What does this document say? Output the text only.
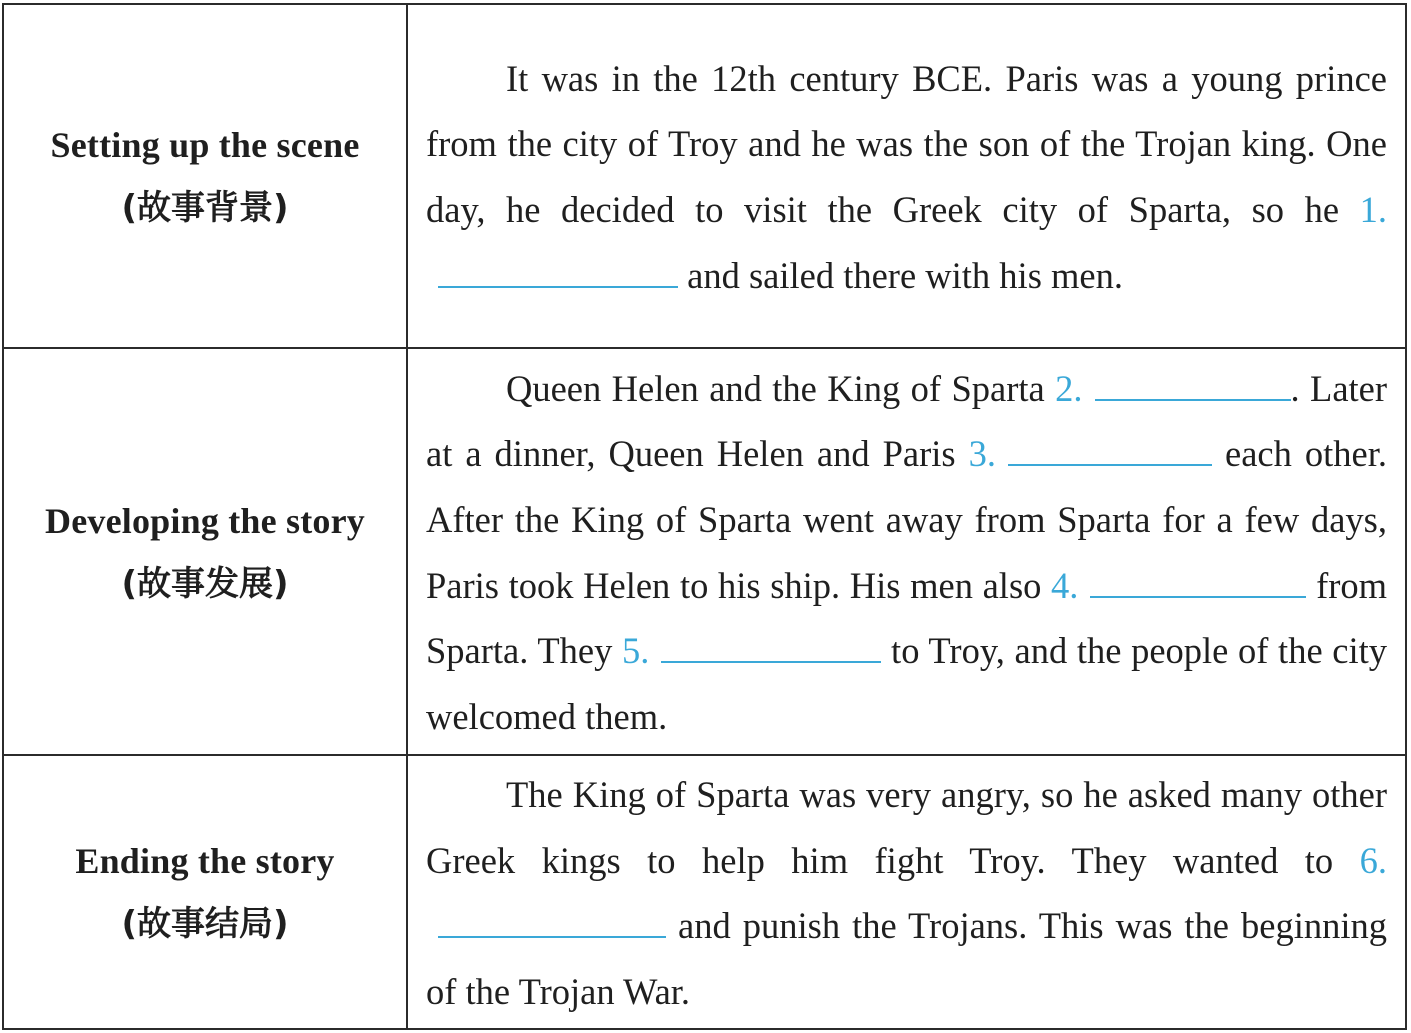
Setting up the scene
(故事背景)	It was in the 12th century BCE. Paris was a young prince from the city of Troy and he was the son of the Trojan king. One day, he decided to visit the Greek city of Sparta, so he 1. and sailed there with his men.

Developing the story
(故事发展)	Queen Helen and the King of Sparta 2. . Later at a dinner, Queen Helen and Paris 3. each other. After the King of Sparta went away from Sparta for a few days, Paris took Helen to his ship. His men also 4. from Sparta. They 5. to Troy, and the people of the city welcomed them.

Ending the story
(故事结局)	The King of Sparta was very angry, so he asked many other Greek kings to help him fight Troy. They wanted to 6. and punish the Trojans. This was the beginning of the Trojan War.
